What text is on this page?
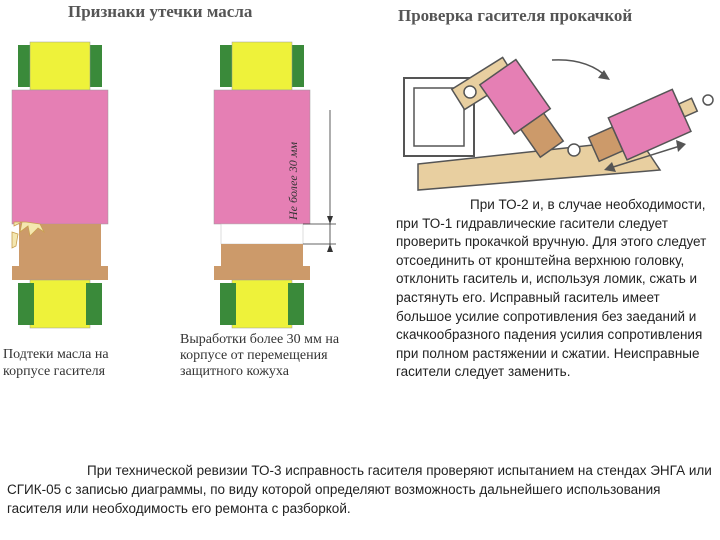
Признаки утечки масла	Проверка гасителя прокачкой
Не более 30 мм
Подтеки масла на корпусе гасителя
Выработки более 30 мм на корпусе от перемещения защитного кожуха
При ТО-2 и, в случае необходимости, при ТО-1 гидравлические гасители следует проверить прокачкой вручную. Для этого следует отсоединить от кронштейна верхнюю головку, отклонить гаситель и, используя ломик, сжать и растянуть его. Исправный гаситель имеет большое усилие сопротивления без заеданий и скачкообразного падения усилия сопротивления при полном растяжении и сжатии. Неисправные гасители следует заменить.
При технической ревизии ТО-3 исправность гасителя проверяют испытанием на стендах ЭНГА или СГИК-05 с записью диаграммы, по виду которой определяют возможность дальнейшего использования гасителя или необходимость его ремонта с разборкой.
